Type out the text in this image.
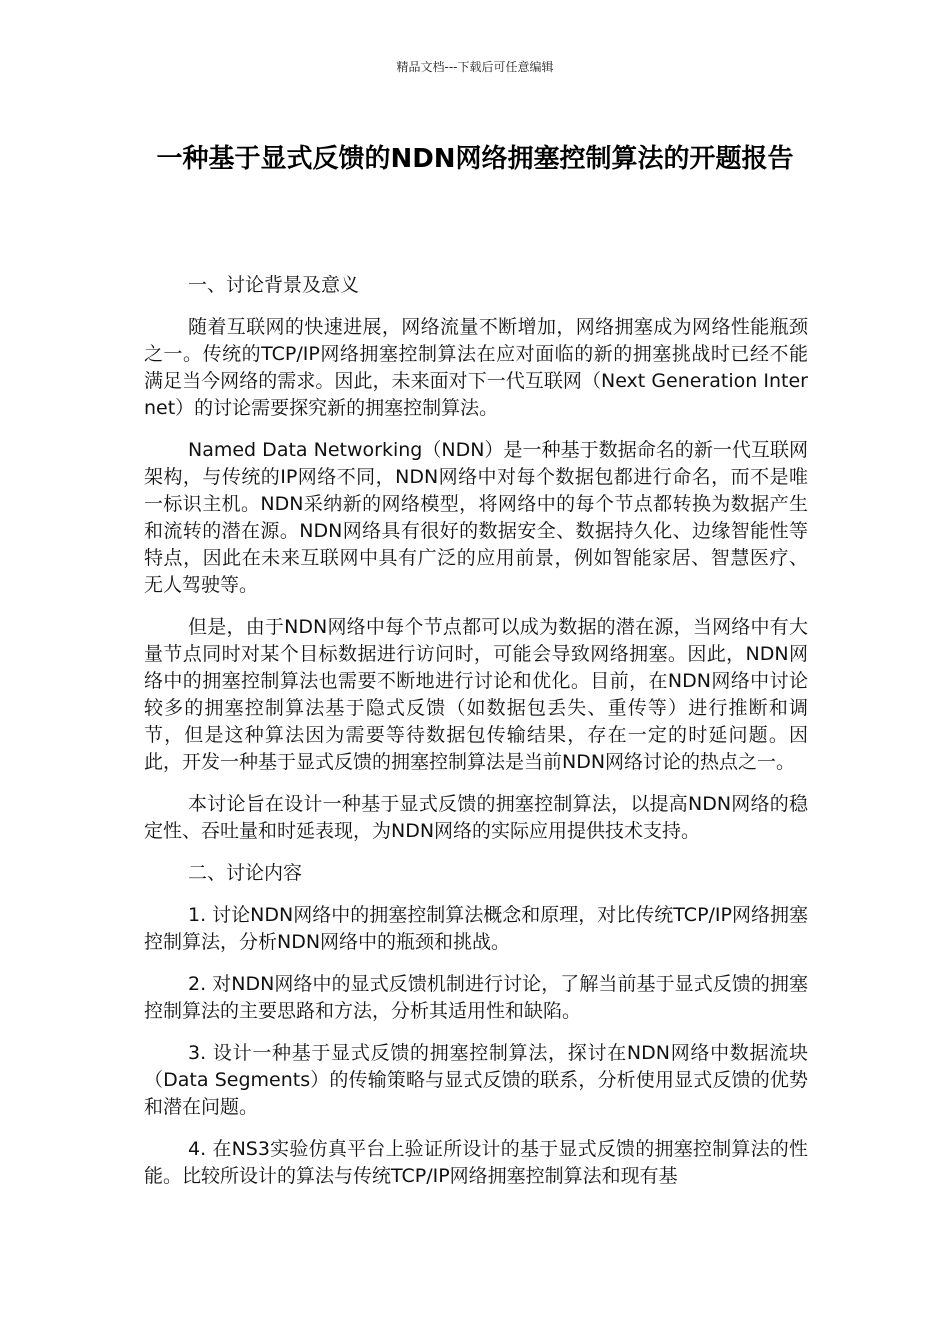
精品文档---下载后可任意编辑
一种基于显式反馈的NDN网络拥塞控制算法的开题报告

一、讨论背景及意义

随着互联网的快速进展，网络流量不断增加，网络拥塞成为网络性能瓶颈之一。传统的TCP/IP网络拥塞控制算法在应对面临的新的拥塞挑战时已经不能满足当今网络的需求。因此，未来面对下一代互联网（Next Generation Internet）的讨论需要探究新的拥塞控制算法。

Named Data Networking（NDN）是一种基于数据命名的新一代互联网架构，与传统的IP网络不同，NDN网络中对每个数据包都进行命名，而不是唯一标识主机。NDN采纳新的网络模型，将网络中的每个节点都转换为数据产生和流转的潜在源。NDN网络具有很好的数据安全、数据持久化、边缘智能性等特点，因此在未来互联网中具有广泛的应用前景，例如智能家居、智慧医疗、无人驾驶等。

但是，由于NDN网络中每个节点都可以成为数据的潜在源，当网络中有大量节点同时对某个目标数据进行访问时，可能会导致网络拥塞。因此，NDN网络中的拥塞控制算法也需要不断地进行讨论和优化。目前，在NDN网络中讨论较多的拥塞控制算法基于隐式反馈（如数据包丢失、重传等）进行推断和调节，但是这种算法因为需要等待数据包传输结果，存在一定的时延问题。因此，开发一种基于显式反馈的拥塞控制算法是当前NDN网络讨论的热点之一。

本讨论旨在设计一种基于显式反馈的拥塞控制算法，以提高NDN网络的稳定性、吞吐量和时延表现，为NDN网络的实际应用提供技术支持。

二、讨论内容

1. 讨论NDN网络中的拥塞控制算法概念和原理，对比传统TCP/IP网络拥塞控制算法，分析NDN网络中的瓶颈和挑战。

2. 对NDN网络中的显式反馈机制进行讨论，了解当前基于显式反馈的拥塞控制算法的主要思路和方法，分析其适用性和缺陷。

3. 设计一种基于显式反馈的拥塞控制算法，探讨在NDN网络中数据流块（Data Segments）的传输策略与显式反馈的联系，分析使用显式反馈的优势和潜在问题。

4. 在NS3实验仿真平台上验证所设计的基于显式反馈的拥塞控制算法的性能。比较所设计的算法与传统TCP/IP网络拥塞控制算法和现有基
